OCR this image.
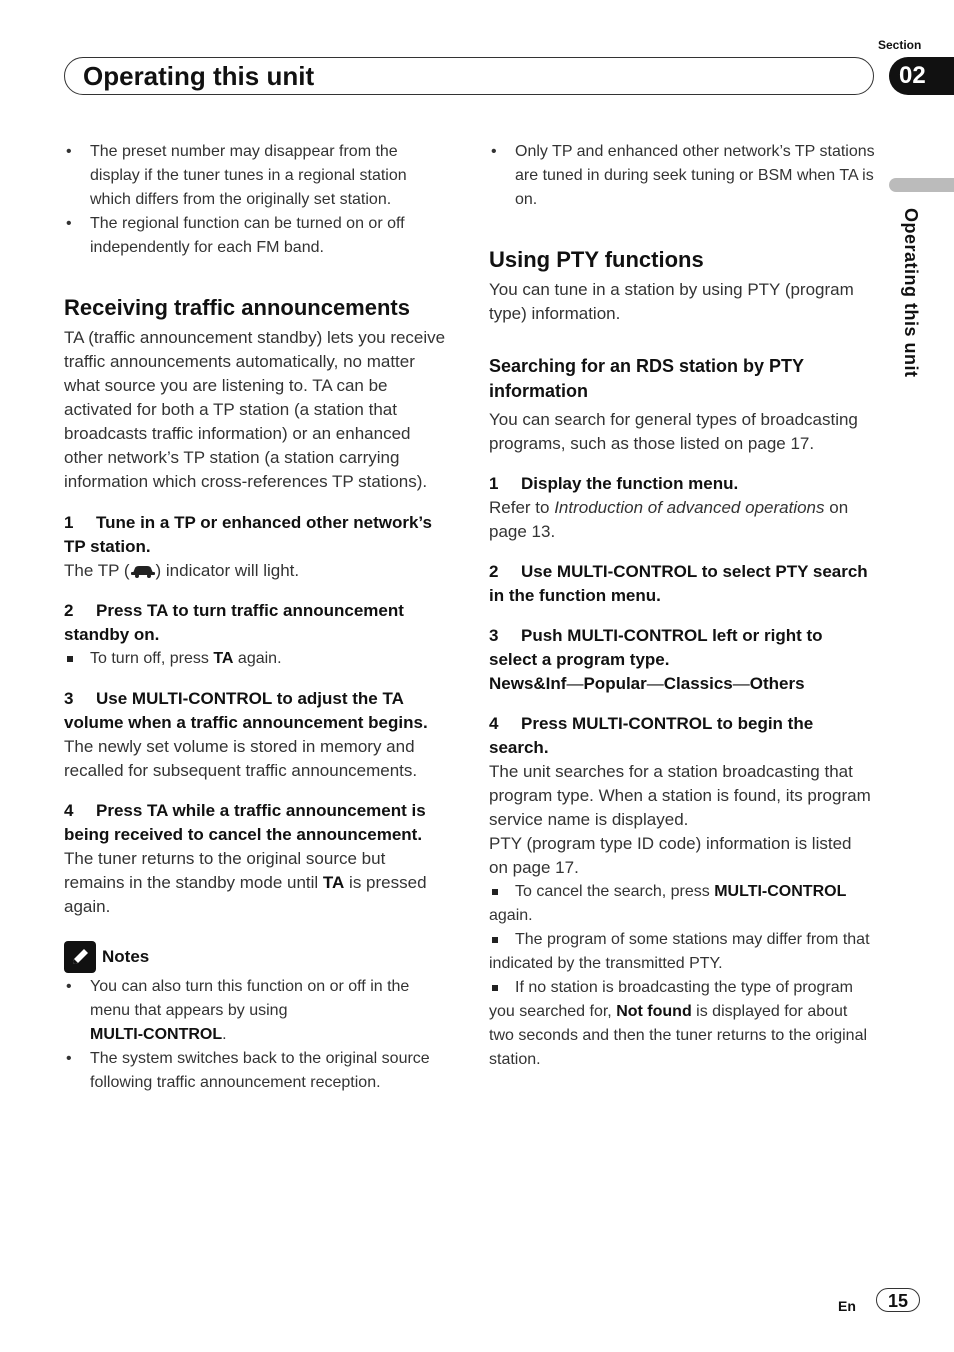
Section
Operating this unit	02
Operating this unit
• The preset number may disappear from the display if the tuner tunes in a regional station which differs from the originally set station.
• The regional function can be turned on or off independently for each FM band.
Receiving traffic announcements

TA (traffic announcement standby) lets you receive traffic announcements automatically, no matter what source you are listening to. TA can be activated for both a TP station (a station that broadcasts traffic information) or an enhanced other network’s TP station (a station carrying information which cross-references TP stations).

1 Tune in a TP or enhanced other network’s TP station.

The TP ( ) indicator will light.

2 Press TA to turn traffic announcement standby on.
To turn off, press TA again.
3 Use MULTI-CONTROL to adjust the TA volume when a traffic announcement begins.

The newly set volume is stored in memory and recalled for subsequent traffic announcements.

4 Press TA while a traffic announcement is being received to cancel the announcement.

The tuner returns to the original source but remains in the standby mode until TA is pressed again.

Notes
• You can also turn this function on or off in the menu that appears by using
MULTI-CONTROL.
• The system switches back to the original source following traffic announcement reception.
• Only TP and enhanced other network’s TP stations are tuned in during seek tuning or BSM when TA is on.
Using PTY functions

You can tune in a station by using PTY (program type) information.

Searching for an RDS station by PTY information

You can search for general types of broadcasting programs, such as those listed on page 17.

1 Display the function menu.

Refer to Introduction of advanced operations on page 13.

2 Use MULTI-CONTROL to select PTY search in the function menu.
3 Push MULTI-CONTROL left or right to select a program type.
News&Inf—Popular—Classics—Others
4 Press MULTI-CONTROL to begin the search.

The unit searches for a station broadcasting that program type. When a station is found, its program service name is displayed.

PTY (program type ID code) information is listed on page 17.

To cancel the search, press MULTI-CONTROL again.
The program of some stations may differ from that indicated by the transmitted PTY.
If no station is broadcasting the type of program you searched for, Not found is displayed for about two seconds and then the tuner returns to the original station.
En	15
